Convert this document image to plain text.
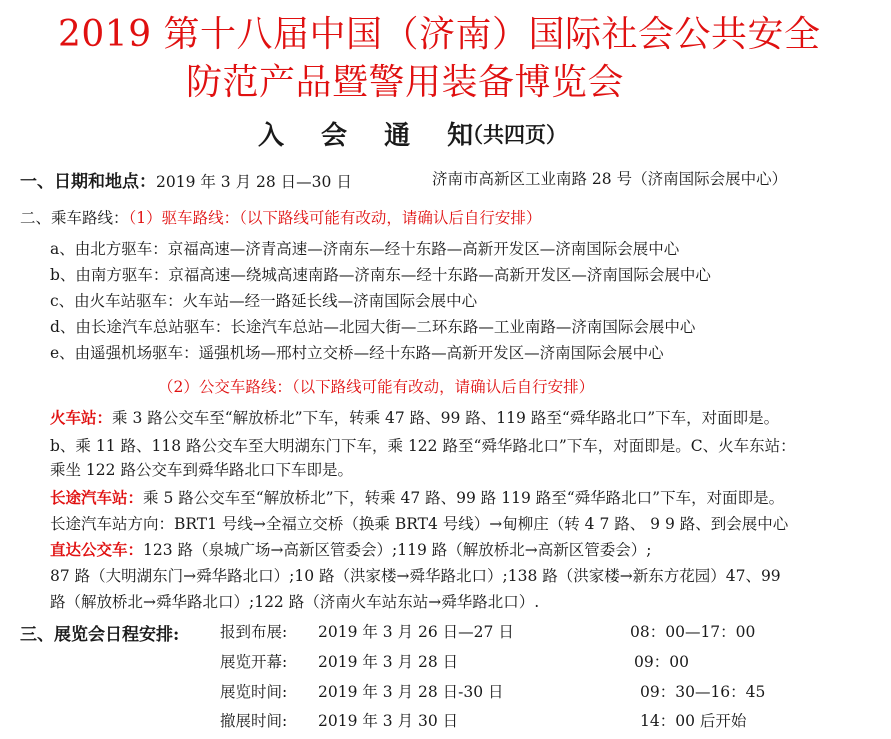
2019 第十八届中国（济南）国际社会公共安全
防范产品暨警用装备博览会
入 会 通 知
（共四页）
一、日期和地点：2019 年 3 月 28 日—30 日	济南市高新区工业南路 28 号（济南国际会展中心）
二、乘车路线：（1）驱车路线：（以下路线可能有改动，请确认后自行安排）
a、由北方驱车：京福高速—济青高速—济南东—经十东路—高新开发区—济南国际会展中心
b、由南方驱车：京福高速—绕城高速南路—济南东—经十东路—高新开发区—济南国际会展中心
c、由火车站驱车：火车站—经一路延长线—济南国际会展中心
d、由长途汽车总站驱车：长途汽车总站—北园大街—二环东路—工业南路—济南国际会展中心
e、由遥强机场驱车：遥强机场—邢村立交桥—经十东路—高新开发区—济南国际会展中心
（2）公交车路线：（以下路线可能有改动，请确认后自行安排）
火车站：乘 3 路公交车至“解放桥北”下车，转乘 47 路、99 路、119 路至“舜华路北口”下车，对面即是。
b、乘 11 路、118 路公交车至大明湖东门下车，乘 122 路至“舜华路北口”下车，对面即是。C、火车东站：
乘坐 122 路公交车到舜华路北口下车即是。
长途汽车站：乘 5 路公交车至“解放桥北”下，转乘 47 路、99 路 119 路至“舜华路北口”下车，对面即是。
长途汽车站方向：BRT1 号线→全福立交桥（换乘 BRT4 号线）→甸柳庄（转 4 7 路、 9 9 路、到会展中心
直达公交车：123 路（泉城广场→高新区管委会）;119 路（解放桥北→高新区管委会）;
87 路（大明湖东门→舜华路北口）;10 路（洪家楼→舜华路北口）;138 路（洪家楼→新东方花园）47、99
路（解放桥北→舜华路北口）;122 路（济南火车站东站→舜华路北口）.
三、展览会日程安排:	报到布展: 2019 年 3 月 26 日—27 日	08：00—17：00
展览开幕: 2019 年 3 月 28 日	09：00
展览时间: 2019 年 3 月 28 日-30 日	09：30—16：45
撤展时间: 2019 年 3 月 30 日	14：00 后开始
